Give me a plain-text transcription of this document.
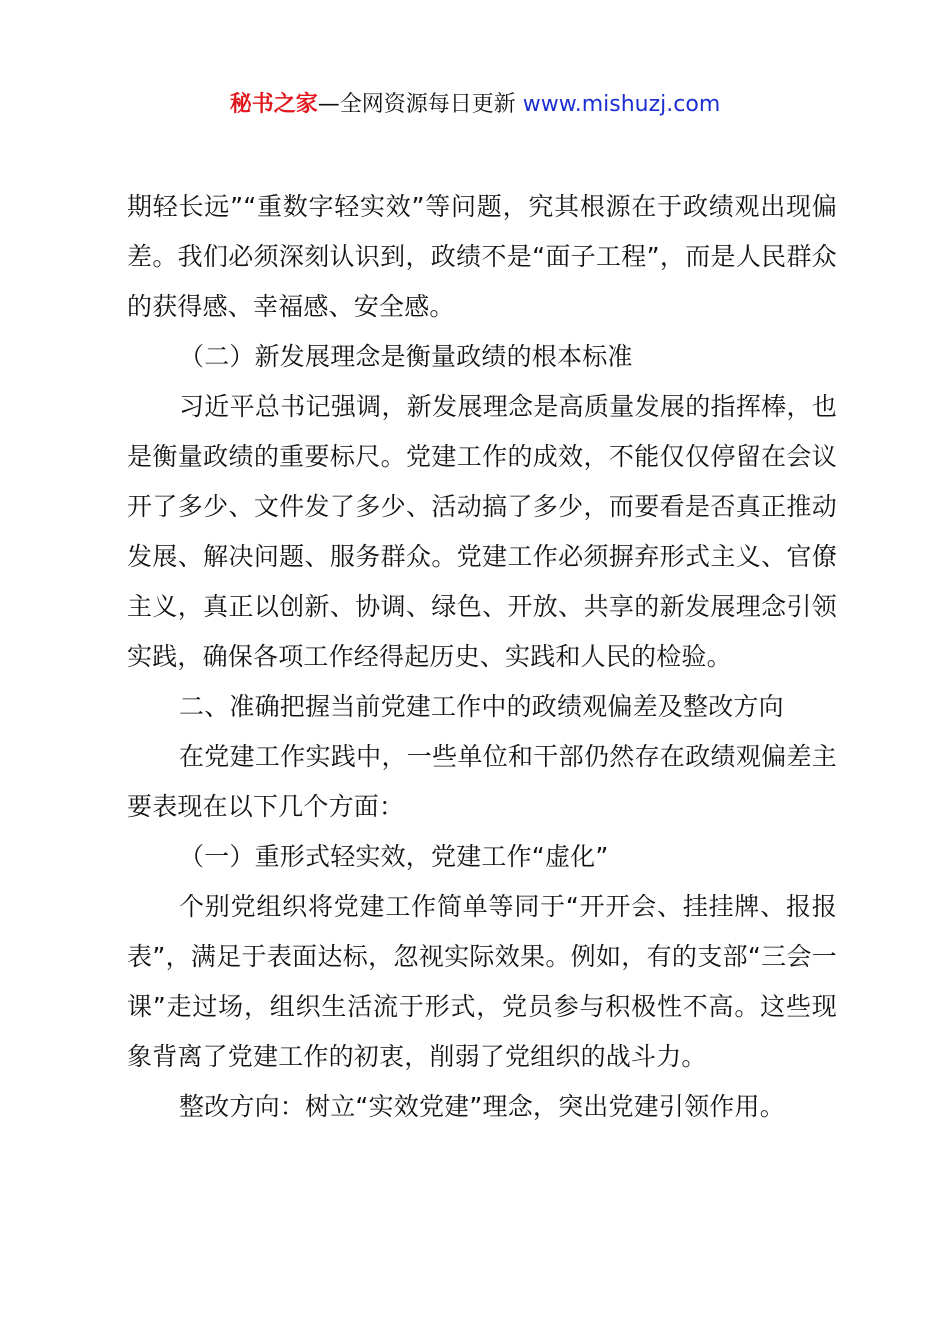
秘书之家—全网资源每日更新 www.mishuzj.com

期轻长远”“重数字轻实效”等问题，究其根源在于政绩观出现偏差。我们必须深刻认识到，政绩不是“面子工程”，而是人民群众的获得感、幸福感、安全感。

（二）新发展理念是衡量政绩的根本标准

习近平总书记强调，新发展理念是高质量发展的指挥棒，也是衡量政绩的重要标尺。党建工作的成效，不能仅仅停留在会议开了多少、文件发了多少、活动搞了多少，而要看是否真正推动发展、解决问题、服务群众。党建工作必须摒弃形式主义、官僚主义，真正以创新、协调、绿色、开放、共享的新发展理念引领实践，确保各项工作经得起历史、实践和人民的检验。

二、准确把握当前党建工作中的政绩观偏差及整改方向

在党建工作实践中，一些单位和干部仍然存在政绩观偏差主要表现在以下几个方面：

（一）重形式轻实效，党建工作“虚化”

个别党组织将党建工作简单等同于“开开会、挂挂牌、报报表”，满足于表面达标，忽视实际效果。例如，有的支部“三会一课”走过场，组织生活流于形式，党员参与积极性不高。这些现象背离了党建工作的初衷，削弱了党组织的战斗力。

整改方向：树立“实效党建”理念，突出党建引领作用。
